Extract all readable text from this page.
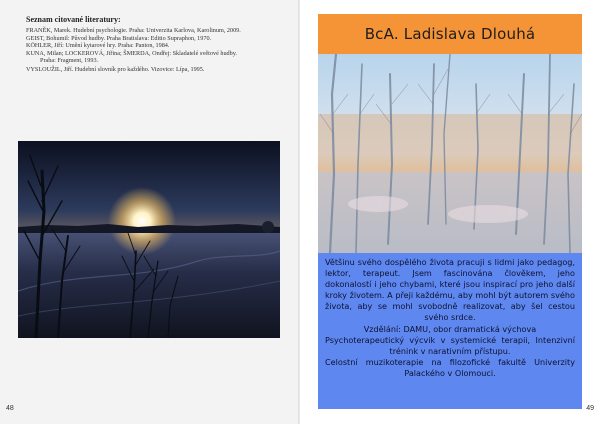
Seznam citované literatury:

FRANĚK, Marek. Hudební psychologie. Praha: Univerzita Karlova, Karolinum, 2009.

GEIST, Bohumil: Původ hudby. Praha Bratislava: Editio Supraphon, 1970.

KÖHLER, Jiří: Umění kytarové hry. Praha: Panton, 1984.

KUNA, Milan; LOCKEROVÁ, Jiřina; ŠMERDA, Ondřej: Skladatelé světové hudby.

Praha: Fragment, 1993.

VYSLOUŽIL, Jiří. Hudební slovník pro každého. Vizovice: Lípa, 1995.

48	49
BcA. Ladislava Dlouhá

Většinu svého dospělého života pracuji s lidmi jako pedagog, lektor, terapeut. Jsem fascinována člověkem, jeho dokonalostí i jeho chybami, které jsou inspirací pro jeho další kroky životem. A přeji každému, aby mohl být autorem svého života, aby se mohl svobodně realizovat, aby šel cestou svého srdce.

Vzdělání: DAMU, obor dramatická výchova

Psychoterapeutický výcvik v systemické terapii, Intenzivní trénink v narativním přístupu.

Celostní muzikoterapie na filozofické fakultě Univerzity Palackého v Olomouci.
